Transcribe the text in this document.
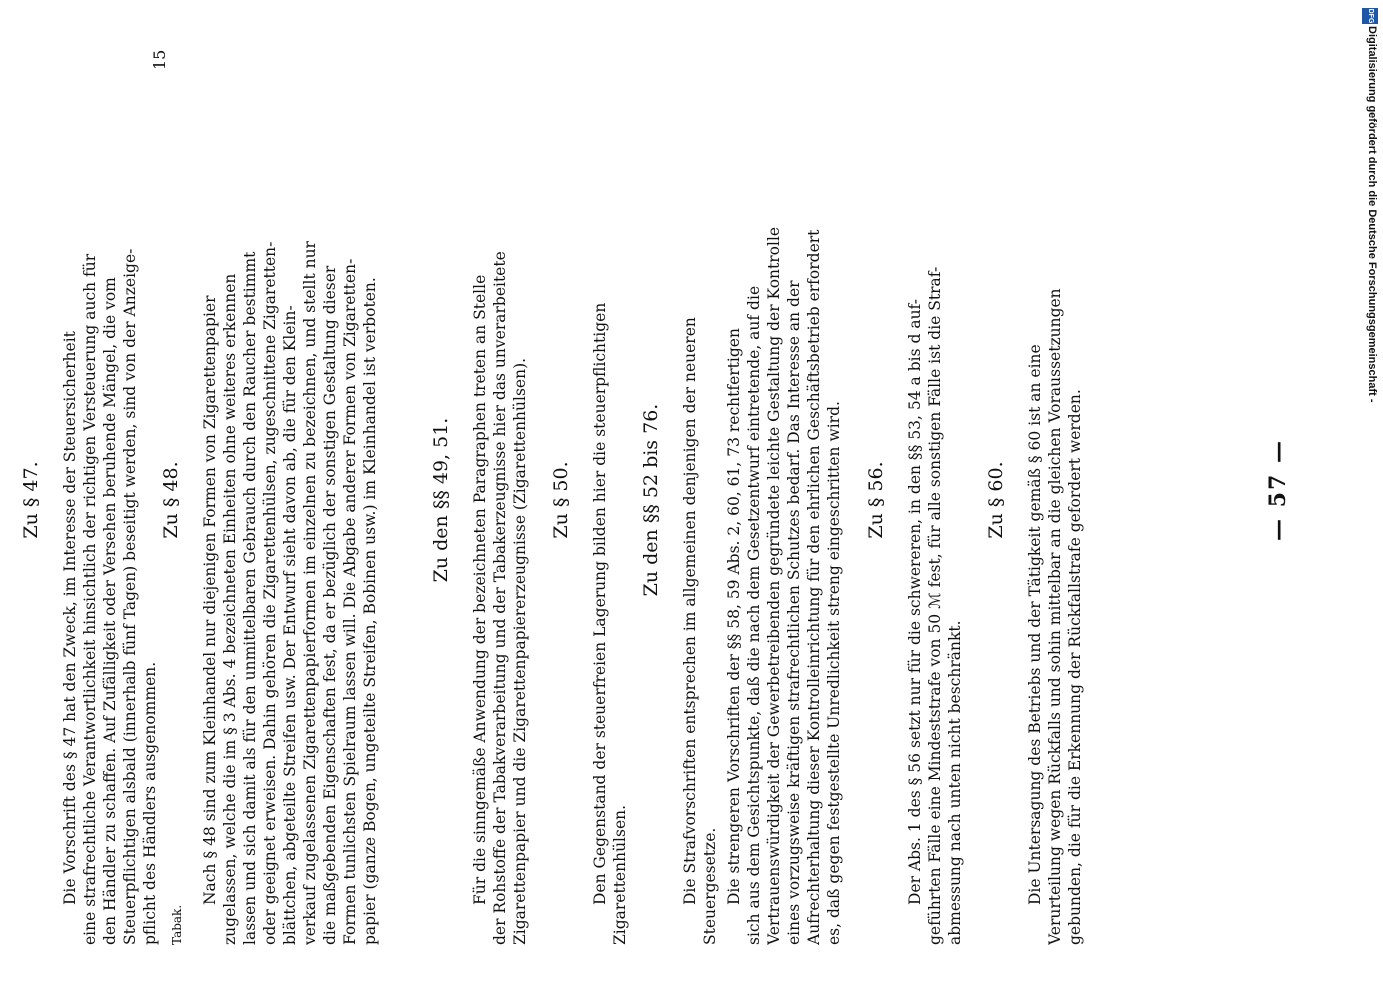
— 57 —
Zu § 47. Die Vorschrift des § 47 hat den Zweck, im Interesse der Steuersicherheit eine strafrechtliche Verantwortlichkeit hinsichtlich der richtigen Versteuerung auch für den Händler zu schaffen. Auf Zufälligkeit oder Versehen beruhende Mängel, die vom Steuerpflichtigen alsbald (innerhalb fünf Tagen) beseitigt werden, sind von der Anzeige- pflicht des Händlers ausgenommen.
Zu § 48. Nach § 48 sind zum Kleinhandel nur diejenigen Formen von Zigarettenpapier zugelassen, welche die im § 3 Abs. 4 bezeichneten Einheiten ohne weiteres erkennen lassen und sich damit als für den unmittelbaren Gebrauch durch den Raucher bestimmt oder geeignet erweisen. Dahin gehören die Zigarettenhülsen, zugeschnittene Zigaretten- blättchen, abgeteilte Streifen usw. Der Entwurf sieht davon ab, die für den Klein- verkauf zugelassenen Zigarettenpapierformen im einzelnen zu bezeichnen, und stellt nur die maßgebenden Eigenschaften fest, da er bezüglich der sonstigen Gestaltung dieser Formen tunlichsten Spielraum lassen will. Die Abgabe anderer Formen von Zigaretten- papier (ganze Bogen, ungeteilte Streifen, Bobinen usw.) im Kleinhandel ist verboten.	Zu den §§ 49, 51. Für die sinngemäße Anwendung der bezeichneten Paragraphen treten an Stelle der Rohstoffe der Tabakverarbeitung und der Tabakerzeugnisse hier das unverarbeitete Zigarettenpapier und die Zigarettenpapiererzeugnisse (Zigarettenhülsen). Zu § 50. Den Gegenstand der steuerfreien Lagerung bilden hier die steuerpflichtigen Zigarettenhülsen.
Zu den §§ 52 bis 76. Die Strafvorschriften entsprechen im allgemeinen denjenigen der neueren Steuergesetze. Die strengeren Vorschriften der §§ 58, 59 Abs. 2, 60, 61, 73 rechtfertigen sich aus dem Gesichtspunkte, daß die nach dem Gesetzentwurf eintretende, auf die Vertrauenswürdigkeit der Gewerbetreibenden gegründete leichte Gestaltung der Kontrolle eines vorzugsweise kräftigen strafrechtlichen Schutzes bedarf. Das Interesse an der Aufrechterhaltung dieser Kontrolleinrichtung für den ehrlichen Geschäftsbetrieb erfordert es, daß gegen festgestellte Unredlichkeit streng eingeschritten wird. Zu § 56. Der Abs. 1 des § 56 setzt nur für die schwereren, in den §§ 53, 54 a bis d auf- geführten Fälle eine Mindeststrafe von 50 ℳ fest, für alle sonstigen Fälle ist die Straf- abmessung nach unten nicht beschränkt.
Zu § 60. Die Untersagung des Betriebs und der Tätigkeit gemäß § 60 ist an eine Verurteilung wegen Rückfalls und sohin mittelbar an die gleichen Voraussetzungen gebunden, die für die Erkennung der Rückfallstrafe gefordert werden.
Tabak.
15
DFG
Digitalisierung gefördert durch die Deutsche Forschungsgemeinschaft -
